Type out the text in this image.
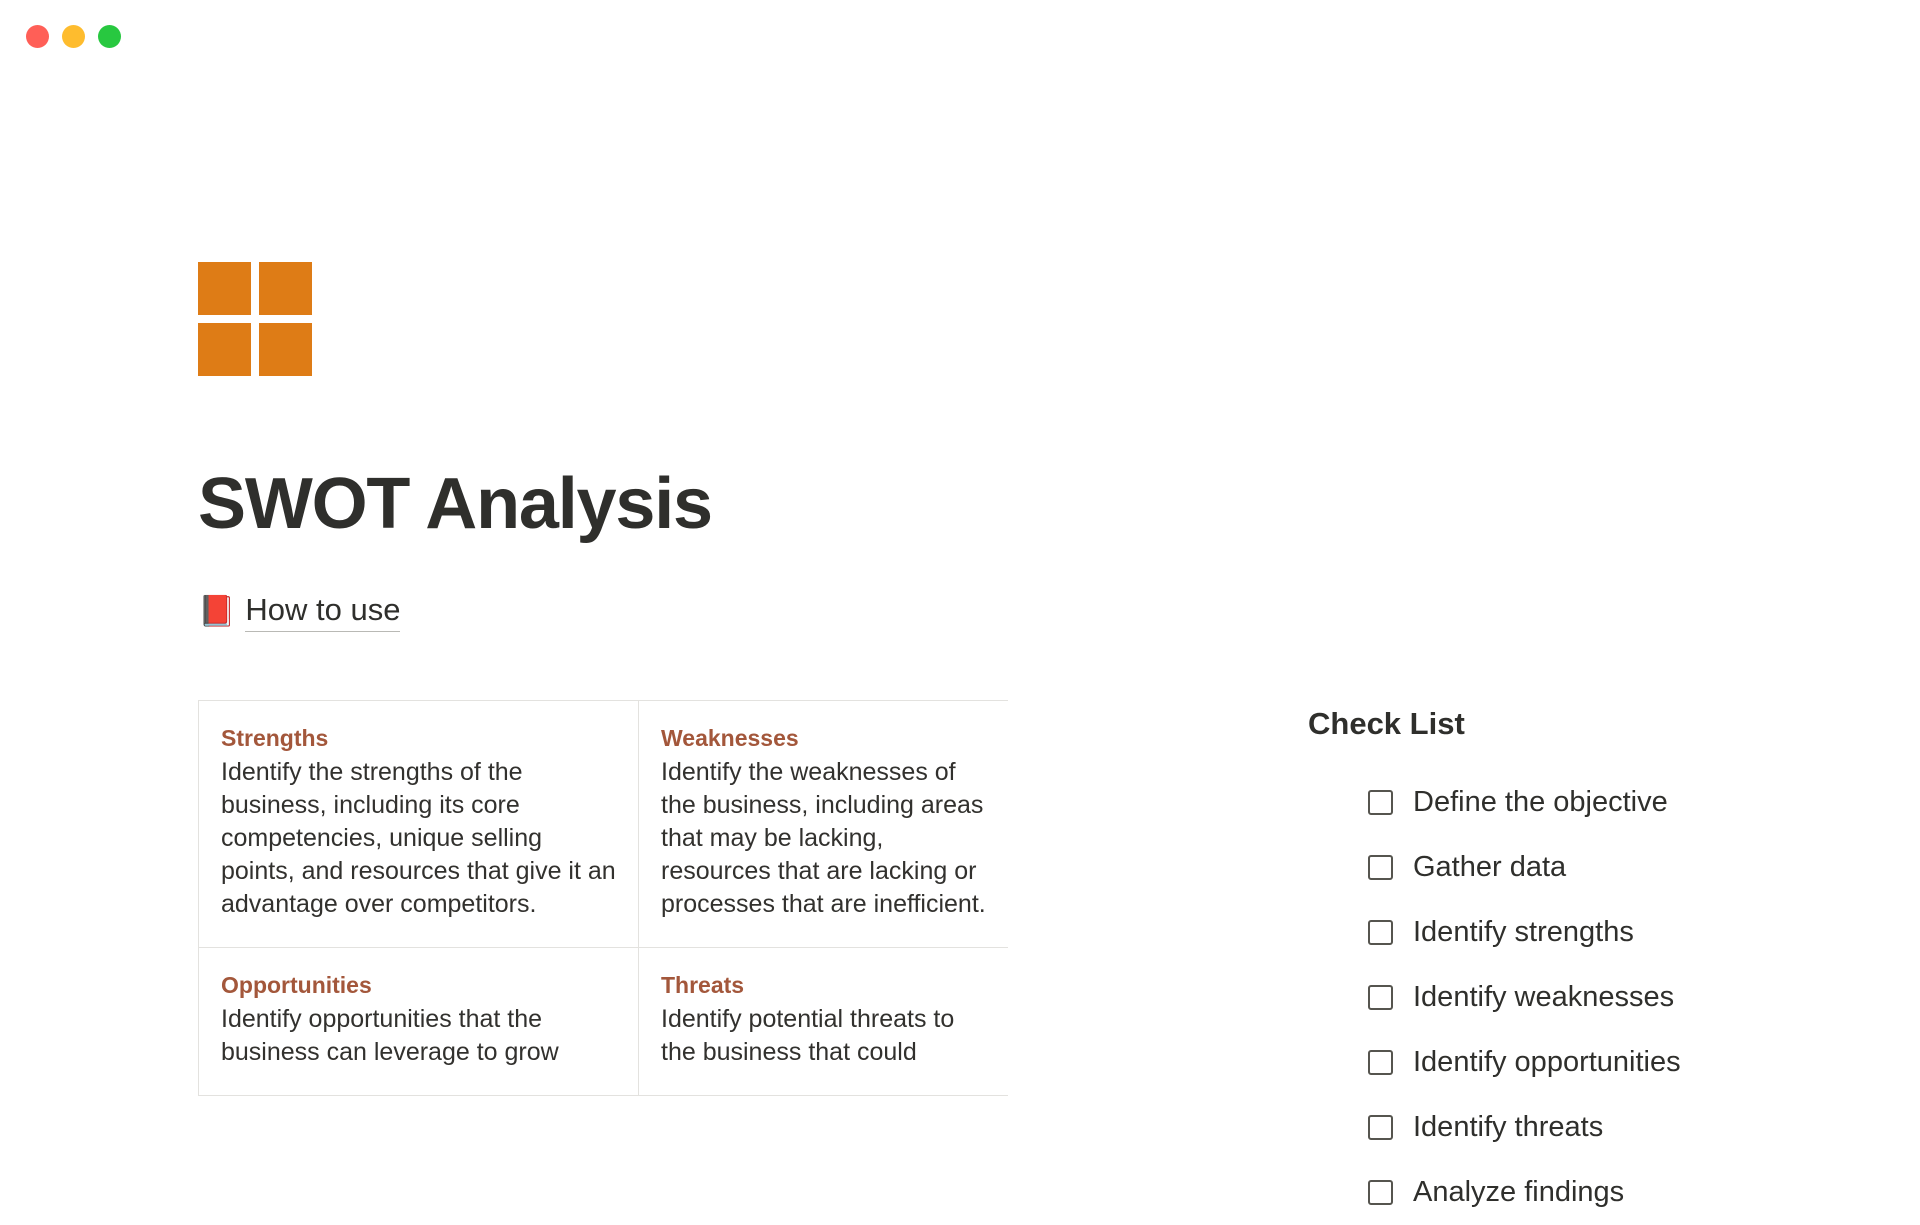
SWOT Analysis
📕 How to use
Strengths

Identify the strengths of the business, including its core competencies, unique selling points, and resources that give it an advantage over competitors.

Weaknesses

Identify the weaknesses of the business, including areas that may be lacking, resources that are lacking or processes that are inefficient.

Opportunities

Identify opportunities that the business can leverage to grow

Threats

Identify potential threats to the business that could

Check List
Define the objective
Gather data
Identify strengths
Identify weaknesses
Identify opportunities
Identify threats
Analyze findings
